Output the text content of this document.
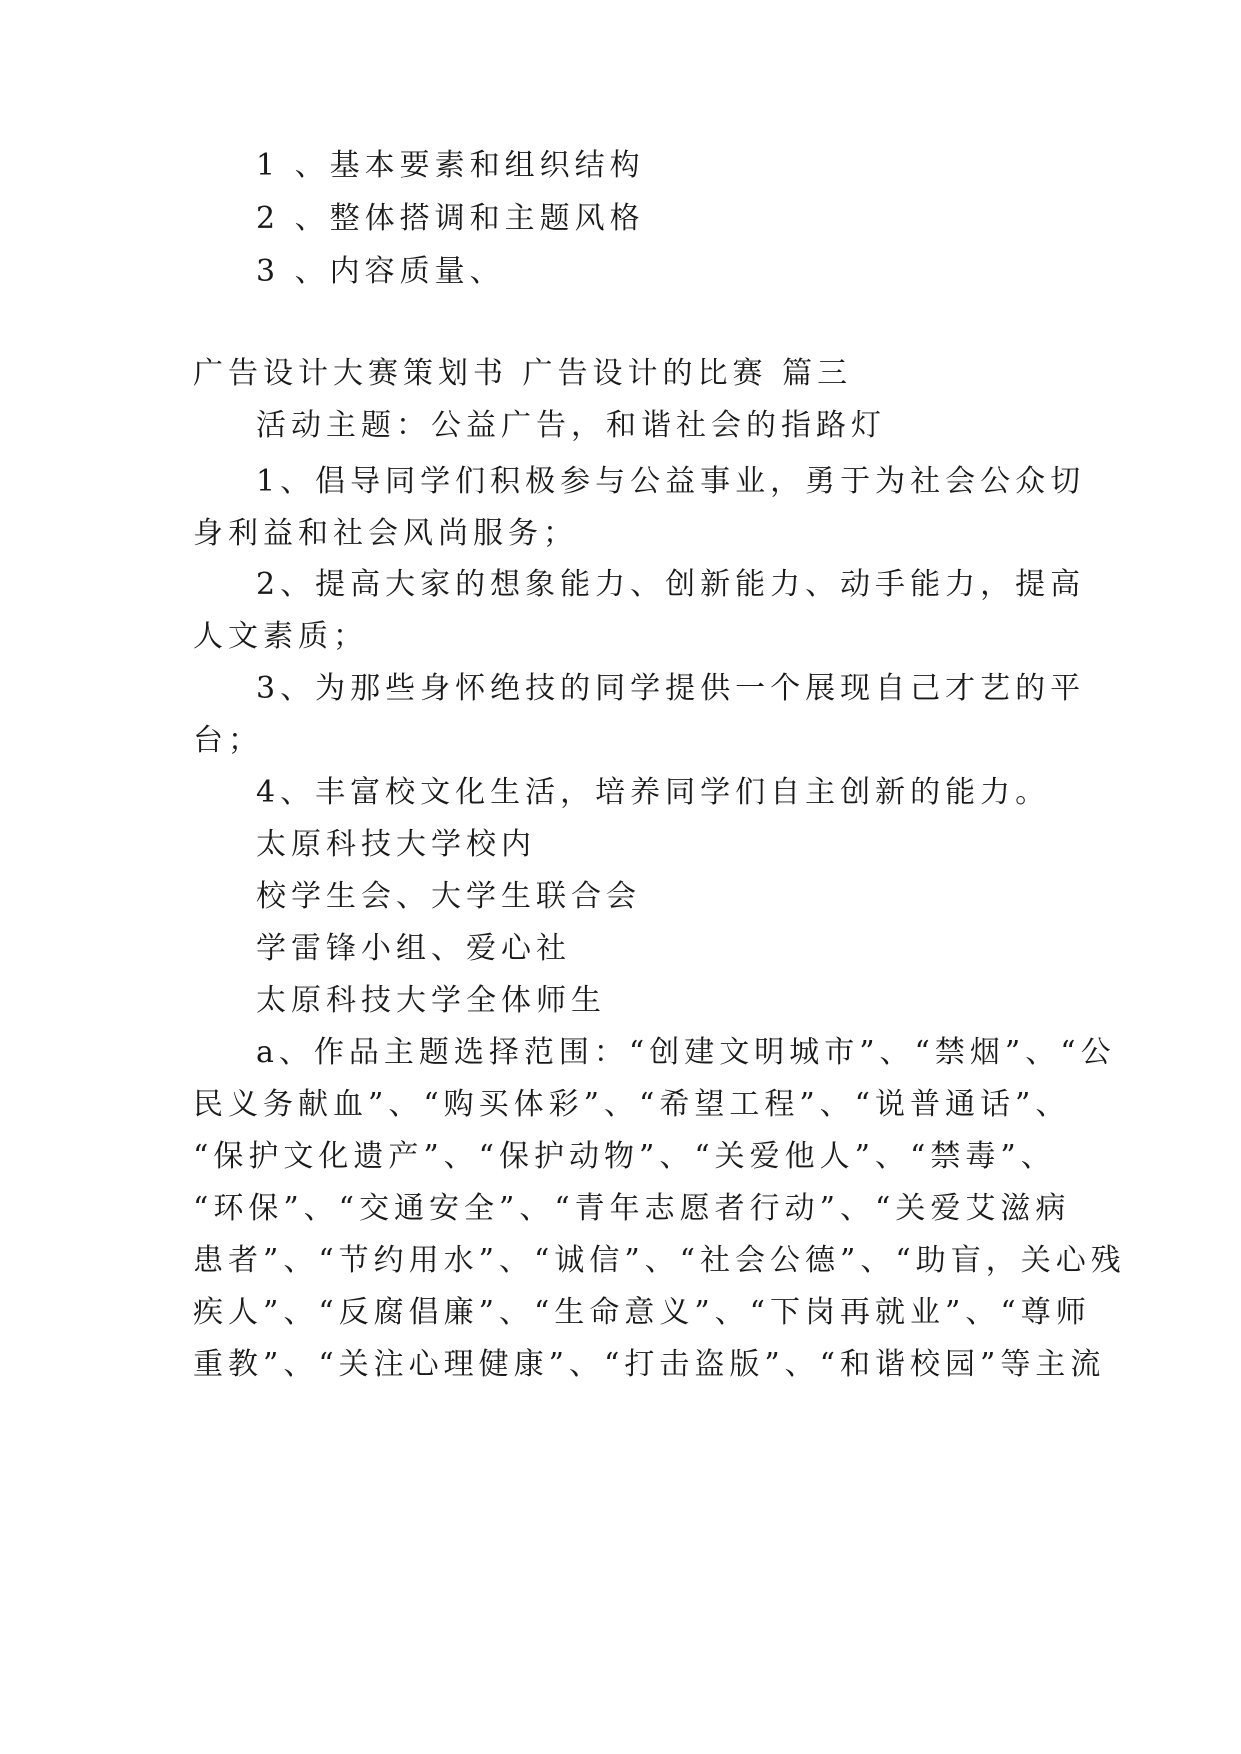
1 、基本要素和组织结构
2 、整体搭调和主题风格
3 、内容质量、
广告设计大赛策划书 广告设计的比赛 篇三
活动主题：公益广告，和谐社会的指路灯
1、倡导同学们积极参与公益事业，勇于为社会公众切
身利益和社会风尚服务；
2、提高大家的想象能力、创新能力、动手能力，提高
人文素质；
3、为那些身怀绝技的同学提供一个展现自己才艺的平
台；
4、丰富校文化生活，培养同学们自主创新的能力。
太原科技大学校内
校学生会、大学生联合会
学雷锋小组、爱心社
太原科技大学全体师生
a、作品主题选择范围：“创建文明城市”、“禁烟”、“公
民义务献血”、“购买体彩”、“希望工程”、“说普通话”、
“保护文化遗产”、“保护动物”、“关爱他人”、“禁毒”、
“环保”、“交通安全”、“青年志愿者行动”、“关爱艾滋病
患者”、“节约用水”、“诚信”、“社会公德”、“助盲，关心残
疾人”、“反腐倡廉”、“生命意义”、“下岗再就业”、“尊师
重教”、“关注心理健康”、“打击盗版”、“和谐校园”等主流
